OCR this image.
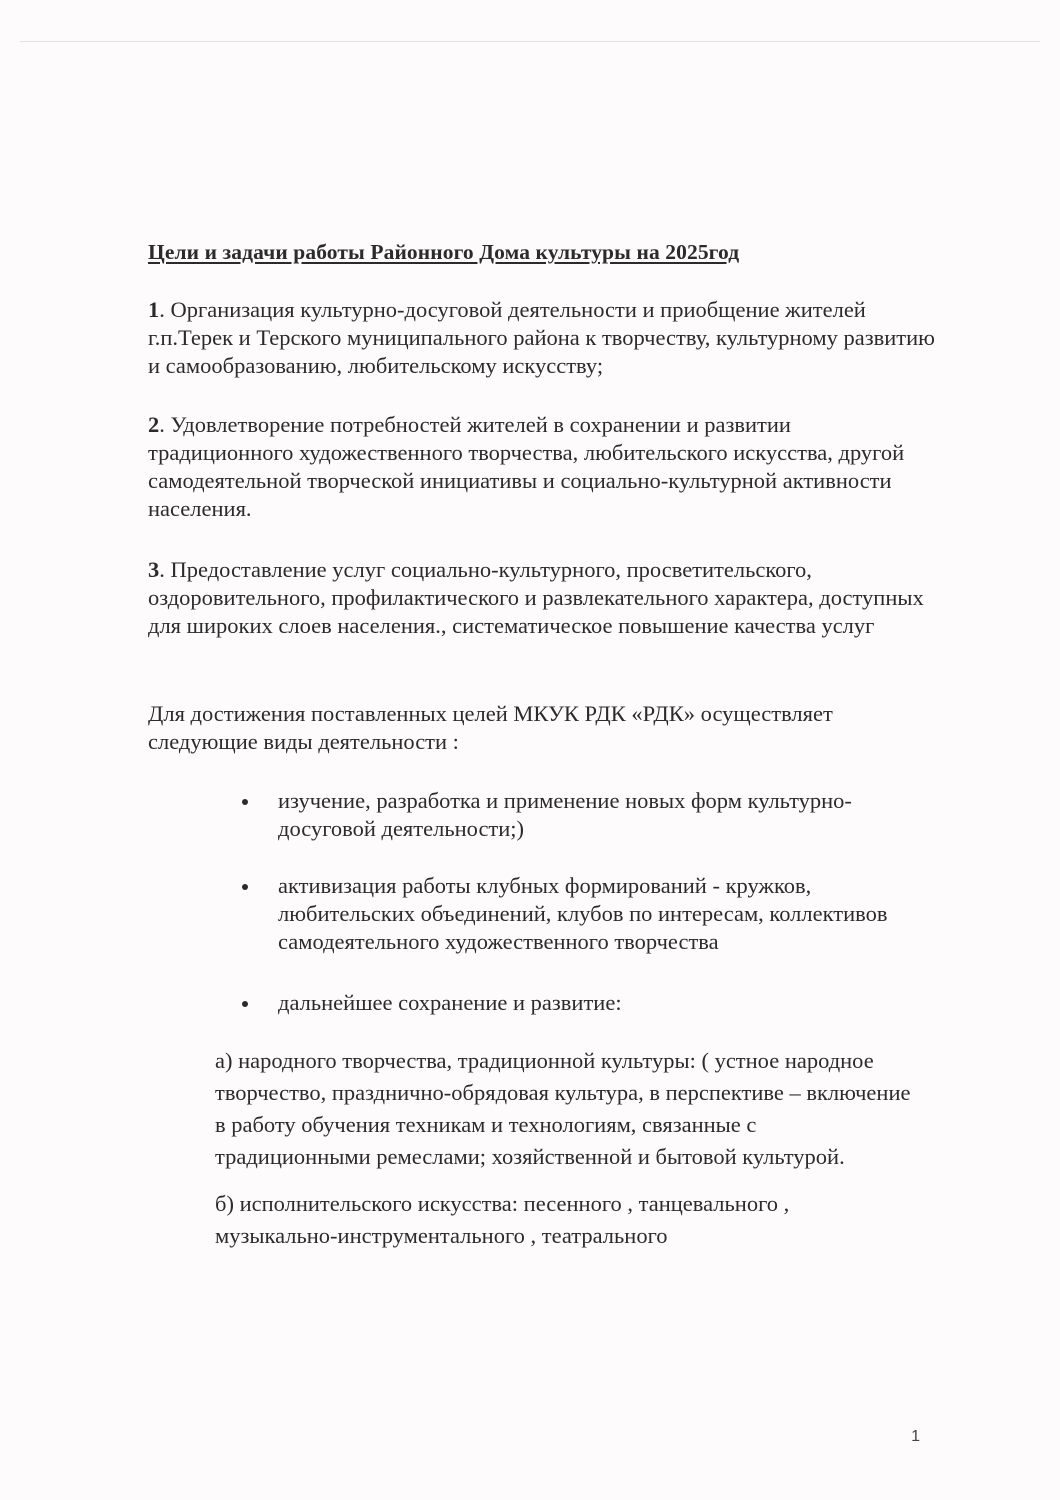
Цели и задачи работы Районного Дома культуры на 2025год
1. Организация культурно-досуговой деятельности и приобщение жителей г.п.Терек и Терского муниципального района к творчеству, культурному развитию и самообразованию, любительскому искусству;
2. Удовлетворение потребностей жителей в сохранении и развитии традиционного художественного творчества, любительского искусства, другой самодеятельной творческой инициативы и социально-культурной активности населения.
3. Предоставление услуг социально-культурного, просветительского, оздоровительного, профилактического и развлекательного характера, доступных для широких слоев населения., систематическое повышение качества услуг
Для достижения поставленных целей МКУК РДК «РДК» осуществляет следующие виды деятельности :
изучение, разработка и применение новых форм культурно-досуговой деятельности;)
активизация работы клубных формирований - кружков, любительских объединений, клубов по интересам, коллективов самодеятельного художественного творчества
дальнейшее сохранение и развитие:
а) народного творчества, традиционной культуры: ( устное народное творчество, празднично-обрядовая культура, в перспективе – включение в работу обучения техникам и технологиям, связанные с традиционными ремеслами; хозяйственной и бытовой культурой.
б) исполнительского искусства: песенного , танцевального , музыкально-инструментального , театрального
1
